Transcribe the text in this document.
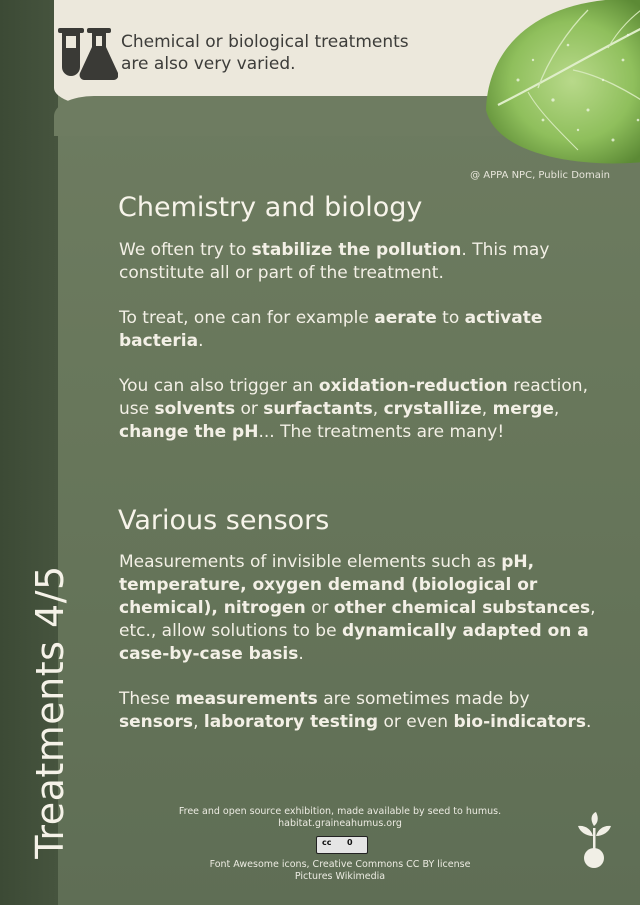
Chemical or biological treatments
are also very varied.
@ APPA NPC, Public Domain
Treatments 4/5
Chemistry and biology
We often try to stabilize the pollution. This may constitute all or part of the treatment.
To treat, one can for example aerate to activate bacteria.
You can also trigger an oxidation-reduction reaction, use solvents or surfactants, crystallize, merge, change the pH... The treatments are many!
Various sensors
Measurements of invisible elements such as pH, temperature, oxygen demand (biological or chemical), nitrogen or other chemical substances, etc., allow solutions to be dynamically adapted on a case-by-case basis.
These measurements are sometimes made by sensors, laboratory testing or even bio-indicators.
Free and open source exhibition, made available by seed to humus.
habitat.graineahumus.org
cc 0
Font Awesome icons, Creative Commons CC BY license
Pictures Wikimedia
